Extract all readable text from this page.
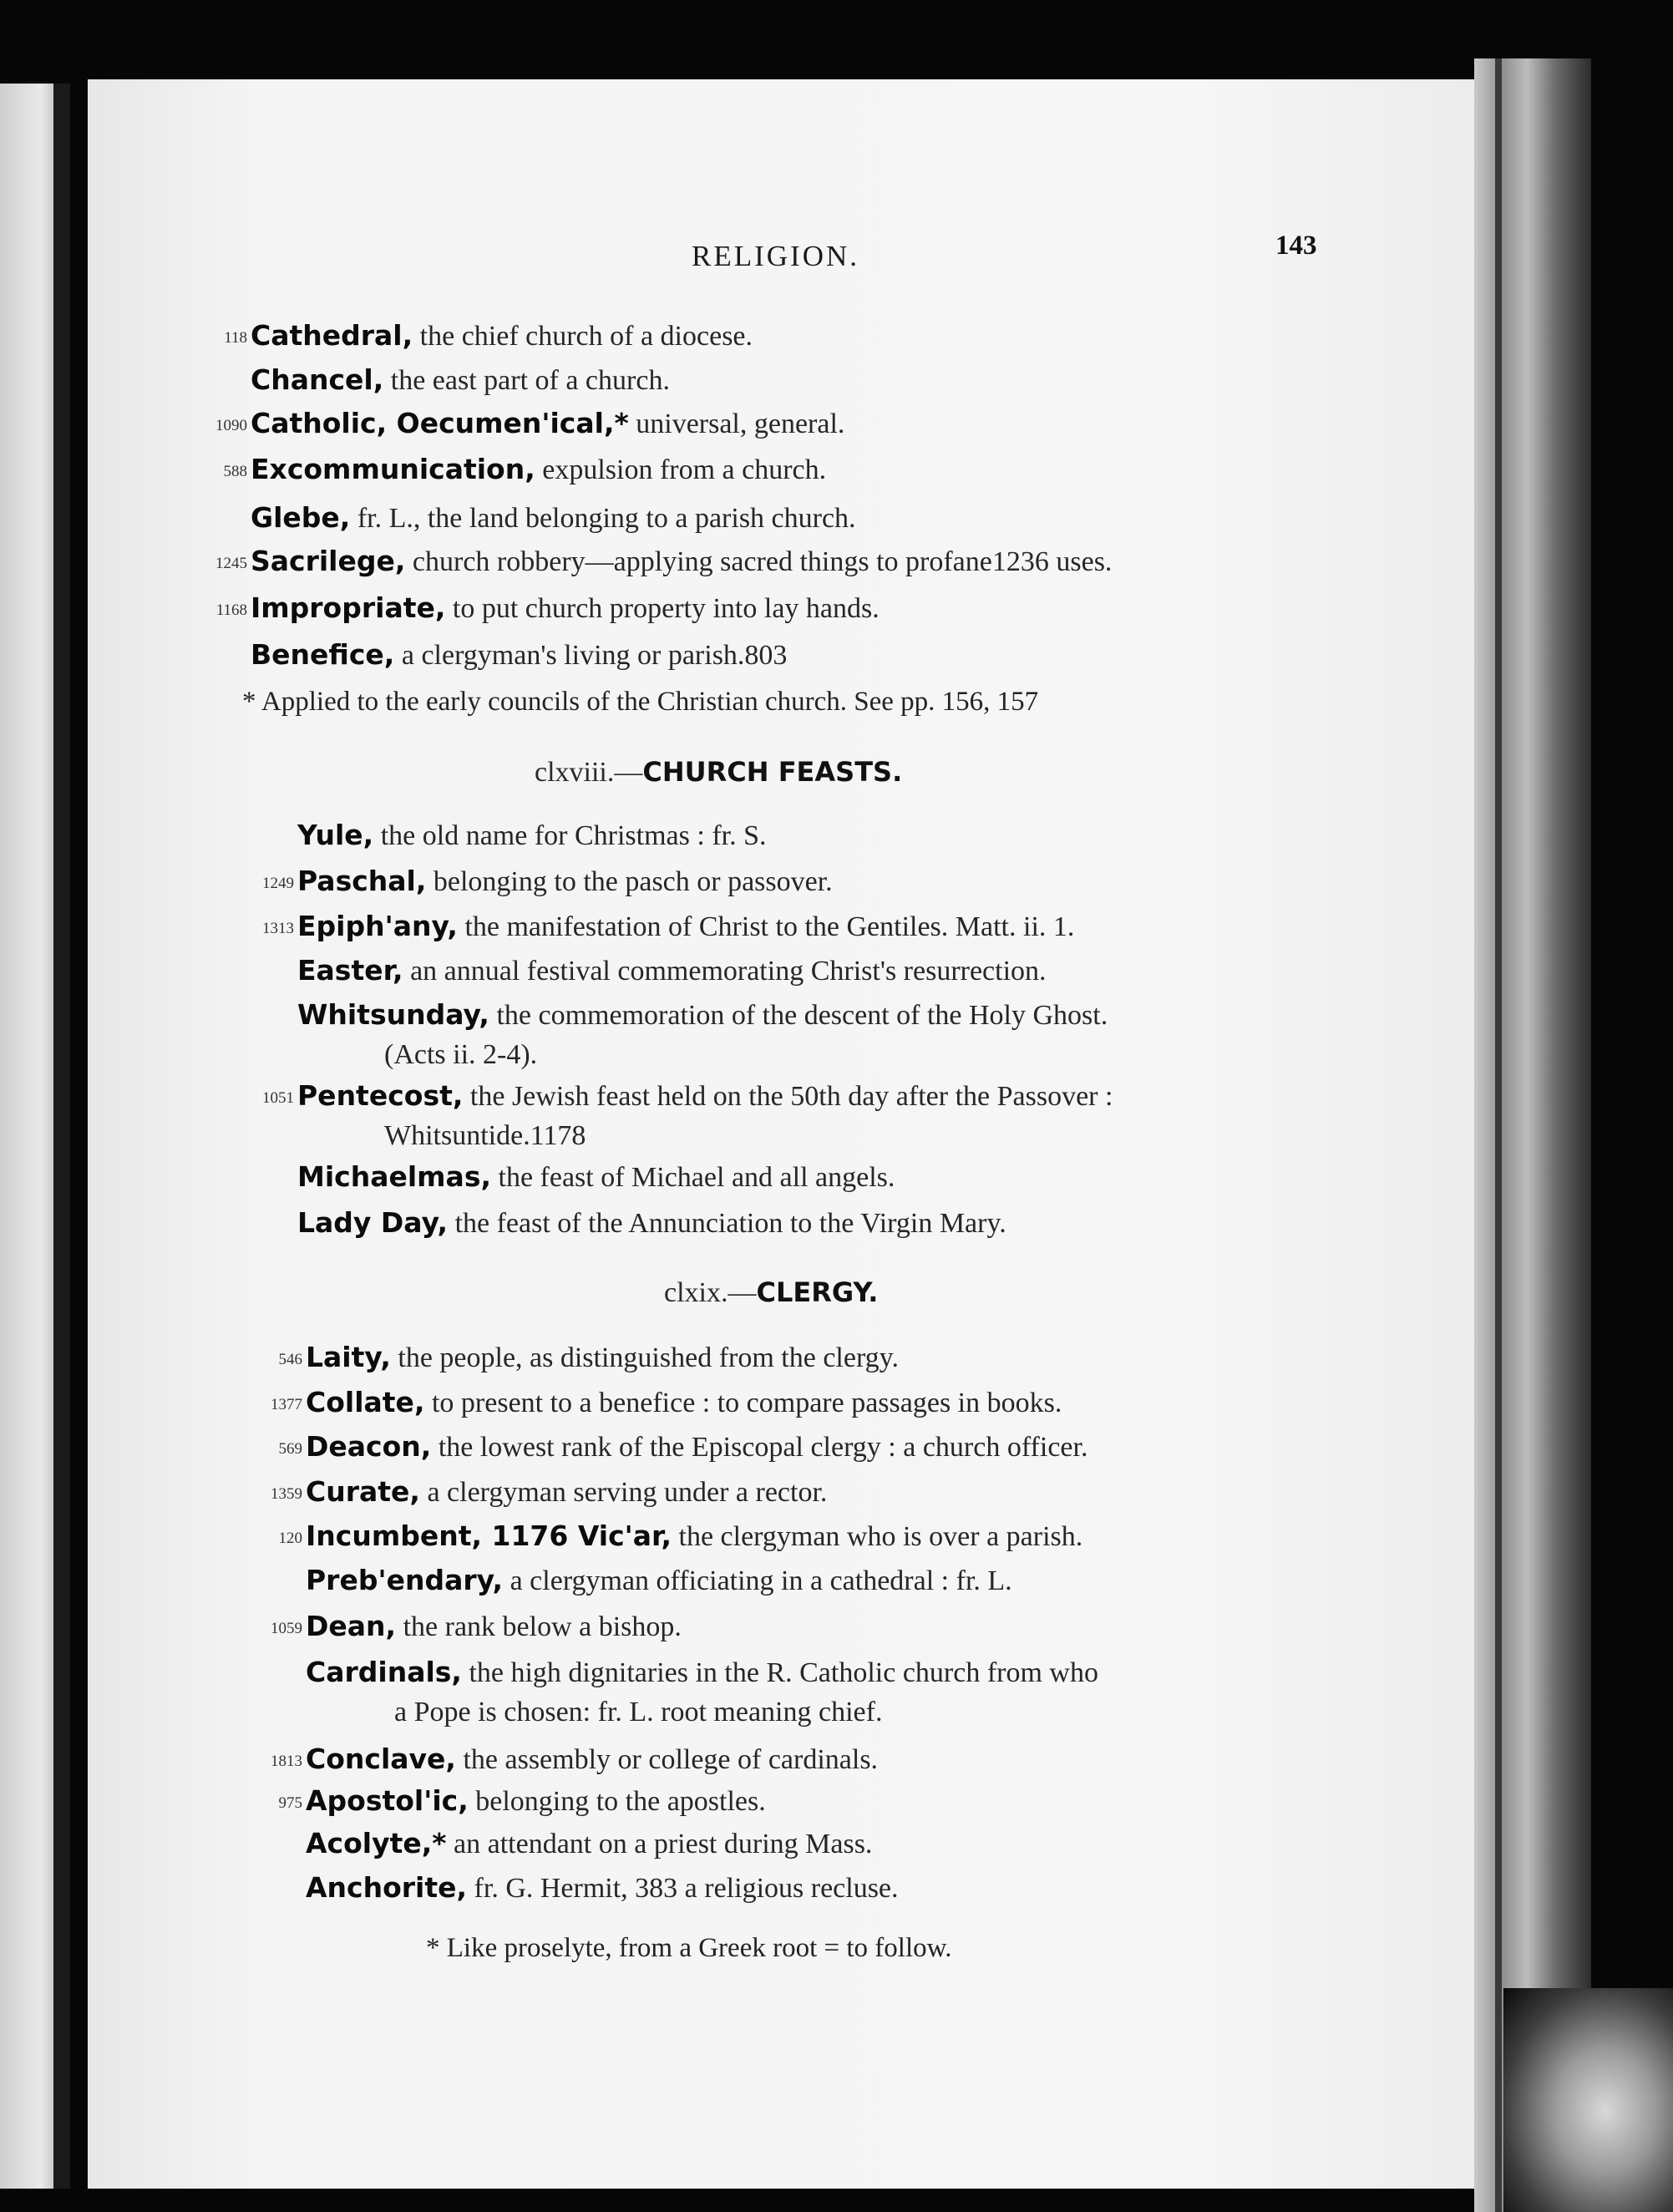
RELIGION.	143
118 Cathedral, the chief church of a diocese.
Chancel, the east part of a church.
1090 Catholic, Oecumen'ical,* universal, general.
588 Excommunication, expulsion from a church.
Glebe, fr. L., the land belonging to a parish church.
1245 Sacrilege, church robbery—applying sacred things to profane1236 uses.
1168 Impropriate, to put church property into lay hands.
Benefice, a clergyman's living or parish.803
* Applied to the early councils of the Christian church. See pp. 156, 157
clxviii.—CHURCH FEASTS.
Yule, the old name for Christmas : fr. S.
1249 Paschal, belonging to the pasch or passover.
1313 Epiph'any, the manifestation of Christ to the Gentiles. Matt. ii. 1.
Easter, an annual festival commemorating Christ's resurrection.
Whitsunday, the commemoration of the descent of the Holy Ghost.
(Acts ii. 2-4).
1051 Pentecost, the Jewish feast held on the 50th day after the Passover :
Whitsuntide.1178
Michaelmas, the feast of Michael and all angels.
Lady Day, the feast of the Annunciation to the Virgin Mary.
clxix.—CLERGY.
546 Laity, the people, as distinguished from the clergy.
1377 Collate, to present to a benefice : to compare passages in books.
569 Deacon, the lowest rank of the Episcopal clergy : a church officer.
1359 Curate, a clergyman serving under a rector.
120 Incumbent, 1176 Vic'ar, the clergyman who is over a parish.
Preb'endary, a clergyman officiating in a cathedral : fr. L.
1059 Dean, the rank below a bishop.
Cardinals, the high dignitaries in the R. Catholic church from who
a Pope is chosen: fr. L. root meaning chief.
1813 Conclave, the assembly or college of cardinals.
975 Apostol'ic, belonging to the apostles.
Acolyte,* an attendant on a priest during Mass.
Anchorite, fr. G. Hermit, 383 a religious recluse.
* Like proselyte, from a Greek root = to follow.
